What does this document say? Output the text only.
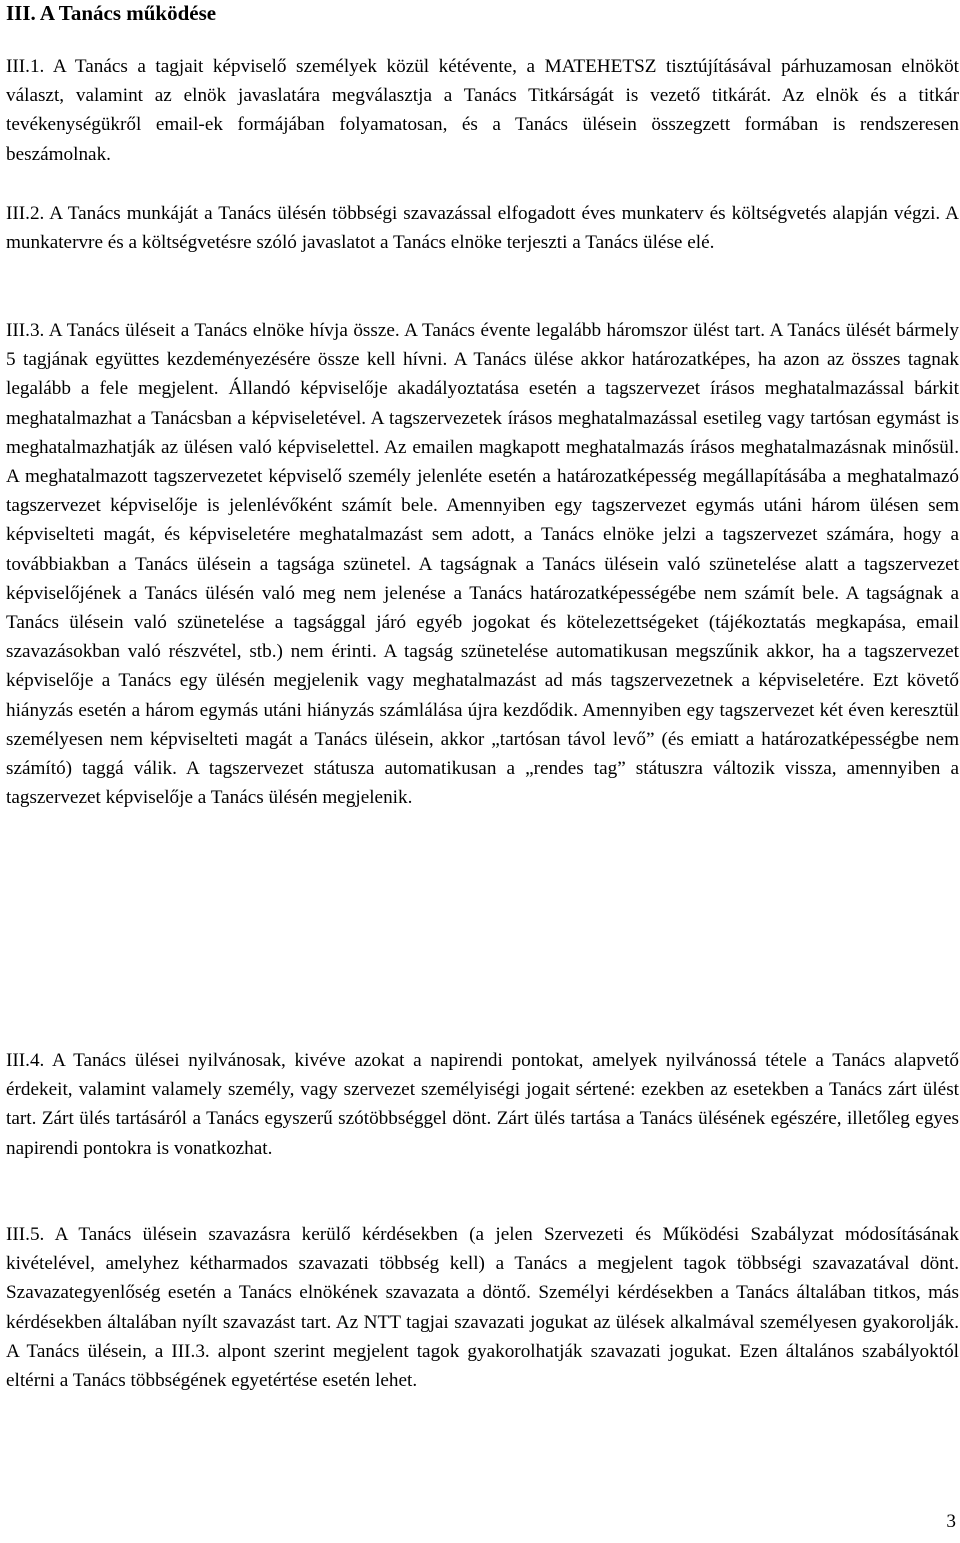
III. A Tanács működése

III.1. A Tanács a tagjait képviselő személyek közül kétévente, a MATEHETSZ tisztújításával párhuzamosan elnököt választ, valamint az elnök javaslatára megválasztja a Tanács Titkárságát is vezető titkárát. Az elnök és a titkár tevékenységükről email-ek formájában folyamatosan, és a Tanács ülésein összegzett formában is rendszeresen beszámolnak.

III.2. A Tanács munkáját a Tanács ülésén többségi szavazással elfogadott éves munkaterv és költségvetés alapján végzi. A munkatervre és a költségvetésre szóló javaslatot a Tanács elnöke terjeszti a Tanács ülése elé.

III.3. A Tanács üléseit a Tanács elnöke hívja össze. A Tanács évente legalább háromszor ülést tart. A Tanács ülését bármely 5 tagjának együttes kezdeményezésére össze kell hívni. A Tanács ülése akkor határozatképes, ha azon az összes tagnak legalább a fele megjelent. Állandó képviselője akadályoztatása esetén a tagszervezet írásos meghatalmazással bárkit meghatalmazhat a Tanácsban a képviseletével. A tagszervezetek írásos meghatalmazással esetileg vagy tartósan egymást is meghatalmazhatják az ülésen való képviselettel. Az emailen magkapott meghatalmazás írásos meghatalmazásnak minősül. A meghatalmazott tagszervezetet képviselő személy jelenléte esetén a határozatképesség megállapításába a meghatalmazó tagszervezet képviselője is jelenlévőként számít bele. Amennyiben egy tagszervezet egymás utáni három ülésen sem képviselteti magát, és képviseletére meghatalmazást sem adott, a Tanács elnöke jelzi a tagszervezet számára, hogy a továbbiakban a Tanács ülésein a tagsága szünetel. A tagságnak a Tanács ülésein való szünetelése alatt a tagszervezet képviselőjének a Tanács ülésén való meg nem jelenése a Tanács határozatképességébe nem számít bele. A tagságnak a Tanács ülésein való szünetelése a tagsággal járó egyéb jogokat és kötelezettségeket (tájékoztatás megkapása, email szavazásokban való részvétel, stb.) nem érinti. A tagság szünetelése automatikusan megszűnik akkor, ha a tagszervezet képviselője a Tanács egy ülésén megjelenik vagy meghatalmazást ad más tagszervezetnek a képviseletére. Ezt követő hiányzás esetén a három egymás utáni hiányzás számlálása újra kezdődik. Amennyiben egy tagszervezet két éven keresztül személyesen nem képviselteti magát a Tanács ülésein, akkor „tartósan távol levő” (és emiatt a határozatképességbe nem számító) taggá válik. A tagszervezet státusza automatikusan a „rendes tag” státuszra változik vissza, amennyiben a tagszervezet képviselője a Tanács ülésén megjelenik.

III.4. A Tanács ülései nyilvánosak, kivéve azokat a napirendi pontokat, amelyek nyilvánossá tétele a Tanács alapvető érdekeit, valamint valamely személy, vagy szervezet személyiségi jogait sértené: ezekben az esetekben a Tanács zárt ülést tart. Zárt ülés tartásáról a Tanács egyszerű szótöbbséggel dönt. Zárt ülés tartása a Tanács ülésének egészére, illetőleg egyes napirendi pontokra is vonatkozhat.

III.5. A Tanács ülésein szavazásra kerülő kérdésekben (a jelen Szervezeti és Működési Szabályzat módosításának kivételével, amelyhez kétharmados szavazati többség kell) a Tanács a megjelent tagok többségi szavazatával dönt. Szavazategyenlőség esetén a Tanács elnökének szavazata a döntő. Személyi kérdésekben a Tanács általában titkos, más kérdésekben általában nyílt szavazást tart. Az NTT tagjai szavazati jogukat az ülések alkalmával személyesen gyakorolják. A Tanács ülésein, a III.3. alpont szerint megjelent tagok gyakorolhatják szavazati jogukat. Ezen általános szabályoktól eltérni a Tanács többségének egyetértése esetén lehet.

3
